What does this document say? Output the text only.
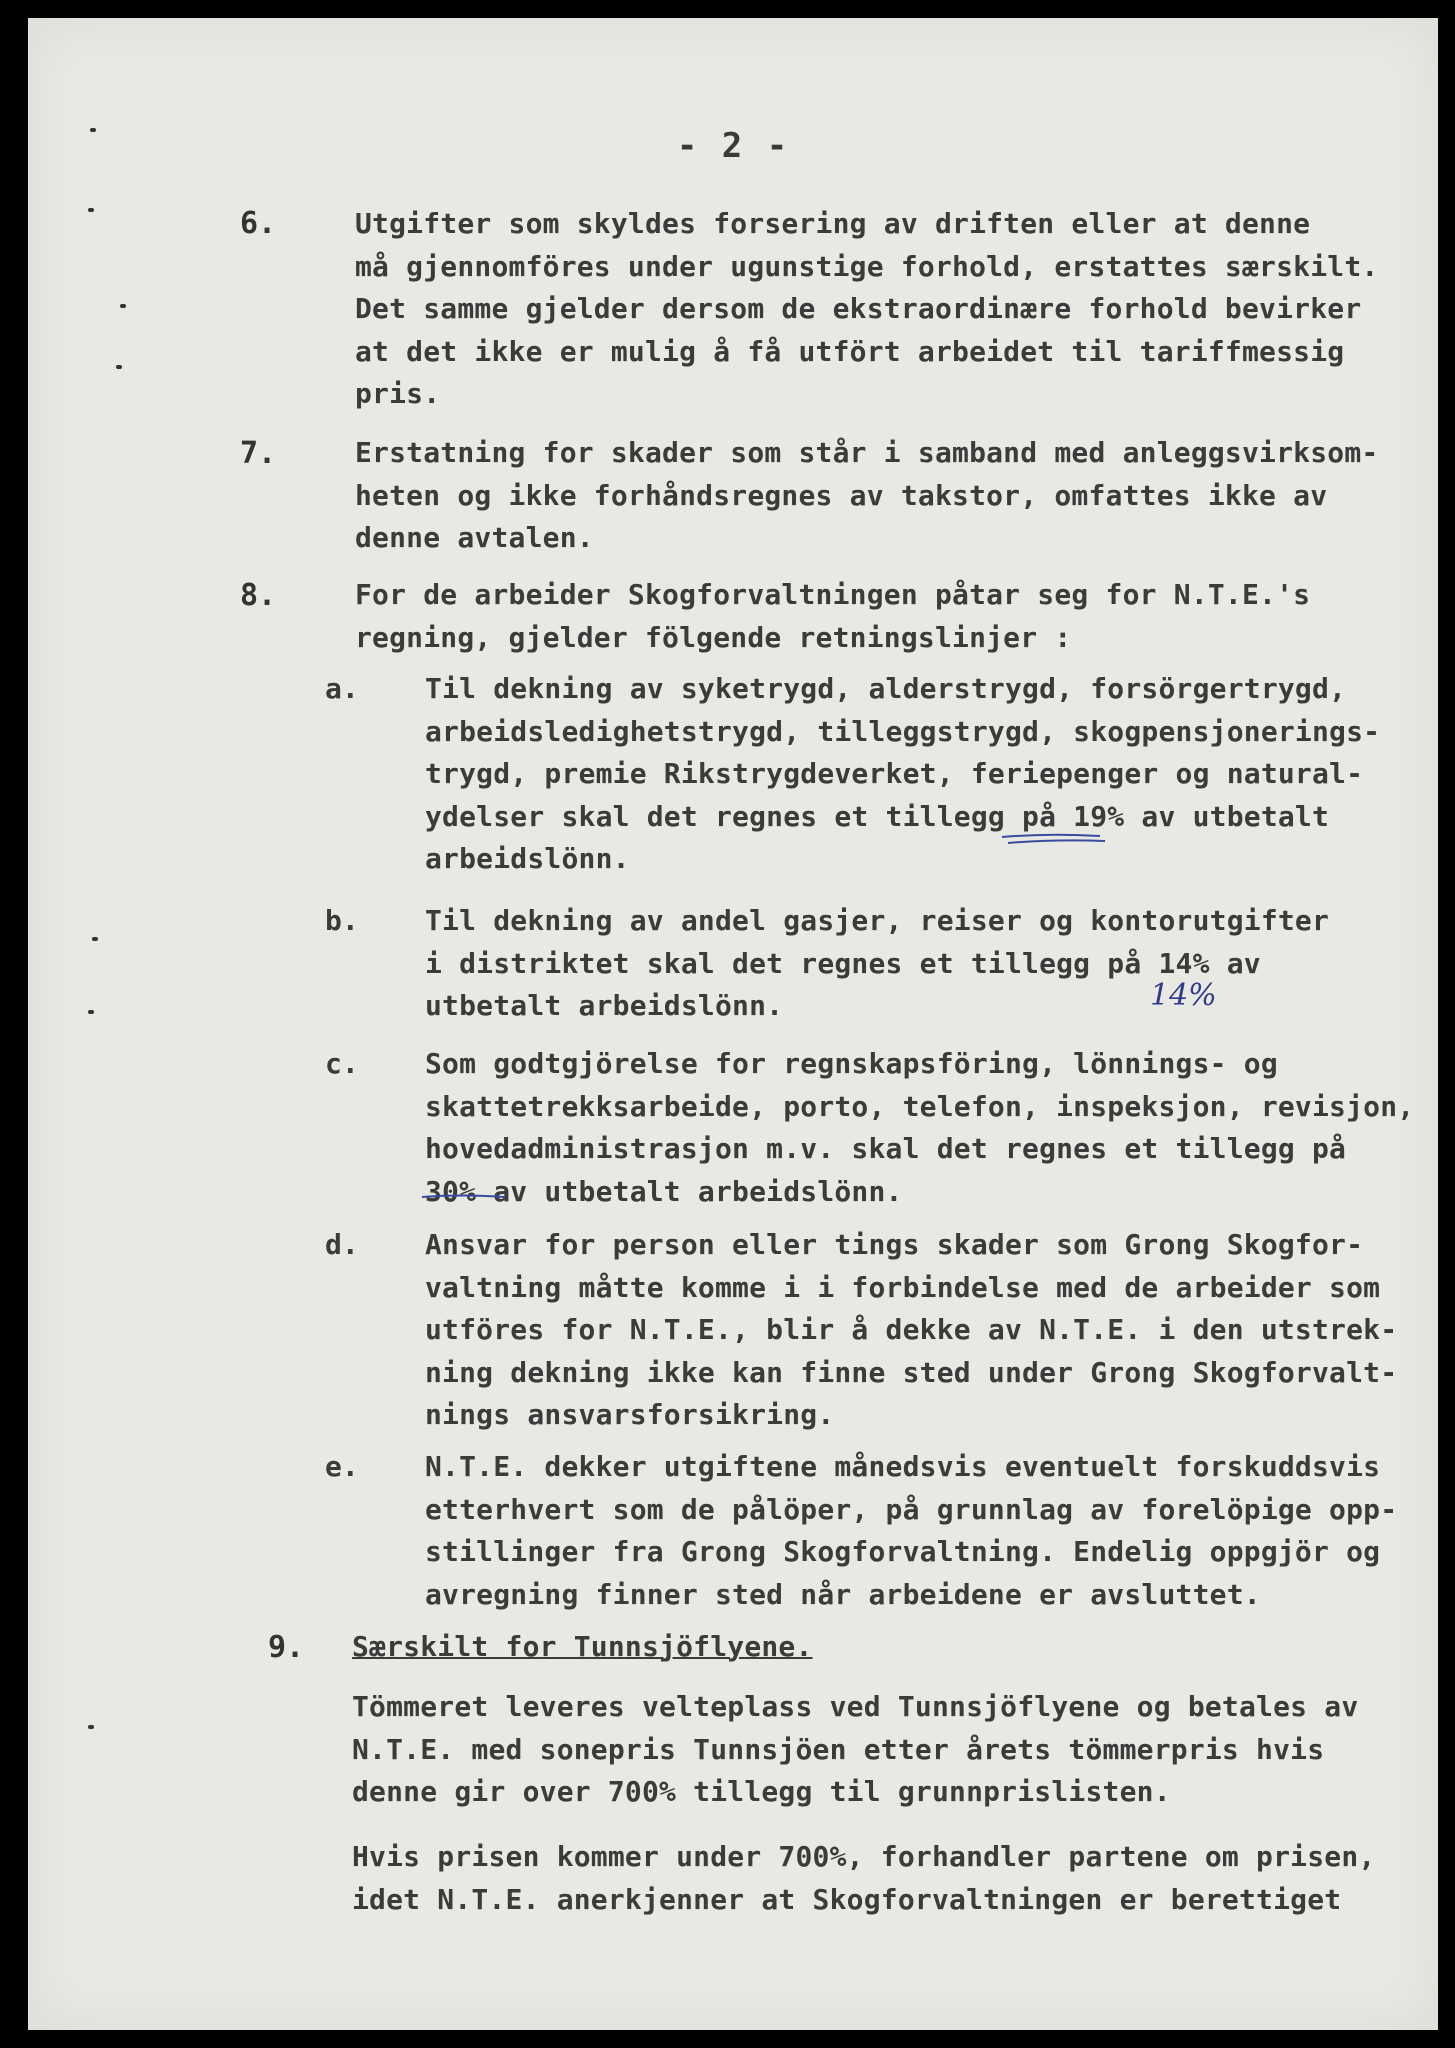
- 2 -
6.	Utgifter som skyldes forsering av driften eller at denne
må gjennomföres under ugunstige forhold, erstattes særskilt.
Det samme gjelder dersom de ekstraordinære forhold bevirker
at det ikke er mulig å få utfört arbeidet til tariffmessig
pris.
7.	Erstatning for skader som står i samband med anleggsvirksom-
heten og ikke forhåndsregnes av takstor, omfattes ikke av
denne avtalen.
8.	For de arbeider Skogforvaltningen påtar seg for N.T.E.'s
regning, gjelder fölgende retningslinjer :
a. Til dekning av syketrygd, alderstrygd, forsörgertrygd,
arbeidsledighetstrygd, tilleggstrygd, skogpensjonerings-
trygd, premie Rikstrygdeverket, feriepenger og natural-
ydelser skal det regnes et tillegg på 19% av utbetalt
arbeidslönn.
b. Til dekning av andel gasjer, reiser og kontorutgifter
i distriktet skal det regnes et tillegg på 14% av
utbetalt arbeidslönn.	14%
c. Som godtgjörelse for regnskapsföring, lönnings- og
skattetrekksarbeide, porto, telefon, inspeksjon, revisjon,
hovedadministrasjon m.v. skal det regnes et tillegg på
30% av utbetalt arbeidslönn.
d. Ansvar for person eller tings skader som Grong Skogfor-
valtning måtte komme i i forbindelse med de arbeider som
utföres for N.T.E., blir å dekke av N.T.E. i den utstrek-
ning dekning ikke kan finne sted under Grong Skogforvalt-
nings ansvarsforsikring.
e. N.T.E. dekker utgiftene månedsvis eventuelt forskuddsvis
etterhvert som de pålöper, på grunnlag av forelöpige opp-
stillinger fra Grong Skogforvaltning. Endelig oppgjör og
avregning finner sted når arbeidene er avsluttet.
9. Særskilt for Tunnsjöflyene.
Tömmeret leveres velteplass ved Tunnsjöflyene og betales av
N.T.E. med sonepris Tunnsjöen etter årets tömmerpris hvis
denne gir over 700% tillegg til grunnprislisten.
Hvis prisen kommer under 700%, forhandler partene om prisen,
idet N.T.E. anerkjenner at Skogforvaltningen er berettiget
